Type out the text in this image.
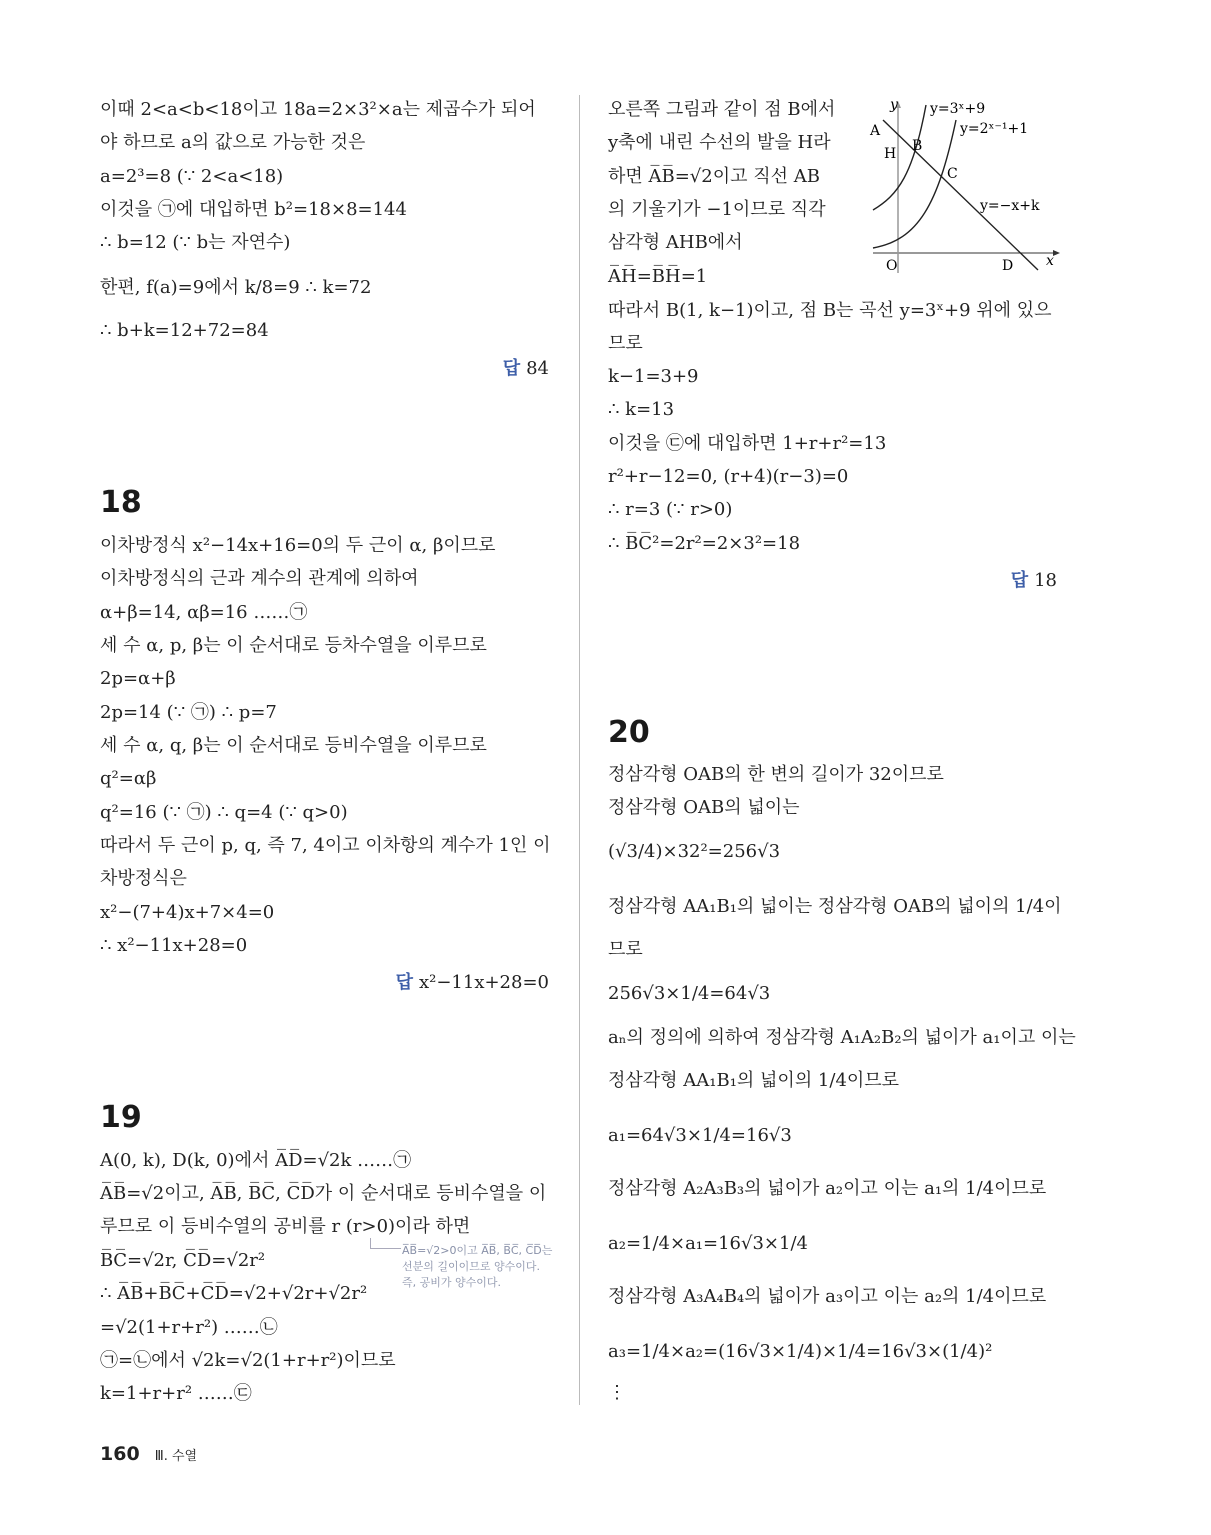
이때 2<a<b<18이고 18a=2×3²×a는 제곱수가 되어
야 하므로 a의 값으로 가능한 것은
a=2³=8 (∵ 2<a<18)
이것을 ㉠에 대입하면 b²=18×8=144
∴ b=12 (∵ b는 자연수)
한편, f(a)=9에서 k/8=9 ∴ k=72
∴ b+k=12+72=84
답 84
18
이차방정식 x²−14x+16=0의 두 근이 α, β이므로
이차방정식의 근과 계수의 관계에 의하여
α+β=14, αβ=16 ……㉠
세 수 α, p, β는 이 순서대로 등차수열을 이루므로
2p=α+β
2p=14 (∵ ㉠) ∴ p=7
세 수 α, q, β는 이 순서대로 등비수열을 이루므로
q²=αβ
q²=16 (∵ ㉠) ∴ q=4 (∵ q>0)
따라서 두 근이 p, q, 즉 7, 4이고 이차항의 계수가 1인 이
차방정식은
x²−(7+4)x+7×4=0
∴ x²−11x+28=0
답 x²−11x+28=0
19
A(0, k), D(k, 0)에서 A̅D̅=√2k ……㉠
A̅B̅=√2이고, A̅B̅, B̅C̅, C̅D̅가 이 순서대로 등비수열을 이
루므로 이 등비수열의 공비를 r (r>0)이라 하면
B̅C̅=√2r, C̅D̅=√2r²
∴ A̅B̅+B̅C̅+C̅D̅=√2+√2r+√2r²
=√2(1+r+r²) ……㉡
㉠=㉡에서 √2k=√2(1+r+r²)이므로
k=1+r+r² ……㉢
오른쪽 그림과 같이 점 B에서
y축에 내린 수선의 발을 H라
하면 A̅B̅=√2이고 직선 AB
의 기울기가 −1이므로 직각
삼각형 AHB에서
A̅H̅=B̅H̅=1
따라서 B(1, k−1)이고, 점 B는 곡선 y=3ˣ+9 위에 있으
므로
k−1=3+9
∴ k=13
이것을 ㉢에 대입하면 1+r+r²=13
r²+r−12=0, (r+4)(r−3)=0
∴ r=3 (∵ r>0)
∴ B̅C̅²=2r²=2×3²=18
답 18
20
정삼각형 OAB의 한 변의 길이가 32이므로
정삼각형 OAB의 넓이는
(√3/4)×32²=256√3
정삼각형 AA₁B₁의 넓이는 정삼각형 OAB의 넓이의 1/4이
므로
256√3×1/4=64√3
aₙ의 정의에 의하여 정삼각형 A₁A₂B₂의 넓이가 a₁이고 이는
정삼각형 AA₁B₁의 넓이의 1/4이므로
a₁=64√3×1/4=16√3
정삼각형 A₂A₃B₃의 넓이가 a₂이고 이는 a₁의 1/4이므로
a₂=1/4×a₁=16√3×1/4
정삼각형 A₃A₄B₄의 넓이가 a₃이고 이는 a₂의 1/4이므로
a₃=1/4×a₂=(16√3×1/4)×1/4=16√3×(1/4)²
⋮
y y=3ˣ+9
y=2ˣ⁻¹+1
A
H B
C
y=−x+k
O	D x
A̅B̅=√2>0이고 A̅B̅, B̅C̅, C̅D̅는
선분의 길이이므로 양수이다.
즉, 공비가 양수이다.
160 Ⅲ. 수열
